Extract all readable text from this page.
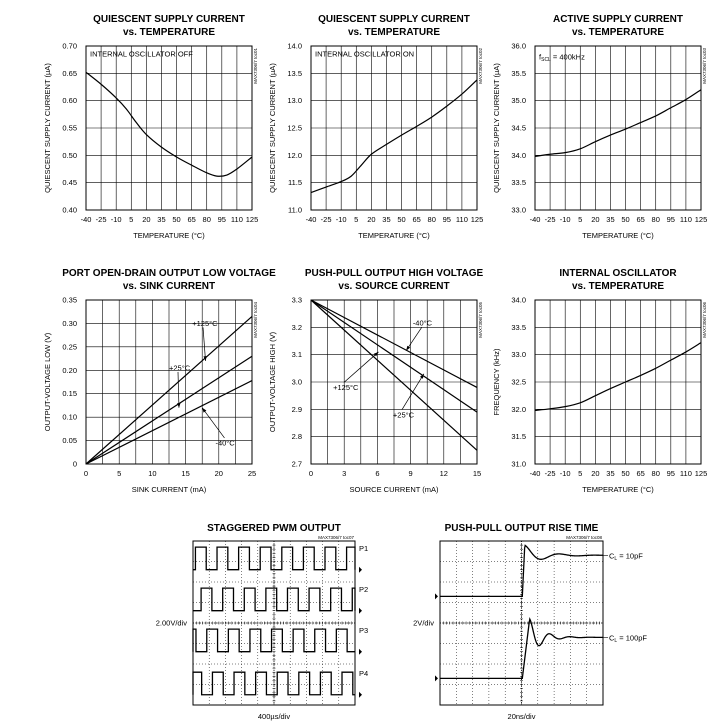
QUIESCENT SUPPLY CURRENT
vs. TEMPERATURE
-40 -25 -10 5 20 35 50 65 80 95 110 125
0.40
0.45
0.50
0.55
0.60
0.65
0.70
TEMPERATURE (°C)
QUIESCENT SUPPLY CURRENT (µA)	MAX7306/7 toc01
INTERNAL OSCILLATOR OFF
QUIESCENT SUPPLY CURRENT
vs. TEMPERATURE
-40 -25 -10 5 20 35 50 65 80 95 110 125
11.0
11.5
12.0
12.5
13.0
13.5
14.0
TEMPERATURE (°C)
QUIESCENT SUPPLY CURRENT (µA)	MAX7306/7 toc02
INTERNAL OSCILLATOR ON
ACTIVE SUPPLY CURRENT
vs. TEMPERATURE
-40 -25 -10 5 20 35 50 65 80 95 110 125
33.0
33.5
34.0
34.5
35.0
35.5
36.0
TEMPERATURE (°C)
QUIESCENT SUPPLY CURRENT (µA)	MAX7306/7 toc03
$f_{SCL} = 400kHz$
PORT OPEN-DRAIN OUTPUT LOW VOLTAGE
vs. SINK CURRENT
0	5	10	15	20	25
0
0.05
0.10
0.15
0.20
0.25
0.30
0.35
SINK CURRENT (mA)
OUTPUT-VOLTAGE LOW (V)
MAX7306/7 toc04
+125°C
+25°C
-40°C
PUSH-PULL OUTPUT HIGH VOLTAGE
vs. SOURCE CURRENT
0	3	6	9	12	15
2.7
2.8
2.9
3.0
3.1
3.2
3.3
SOURCE CURRENT (mA)
OUTPUT-VOLTAGE HIGH (V)
MAX7306/7 toc05
-40°C
+125°C
+25°C
INTERNAL OSCILLATOR
vs. TEMPERATURE
-40 -25 -10 5 20 35 50 65 80 95 110 125
31.0
31.5
32.0
32.5
33.0
33.5
34.0
TEMPERATURE (°C)
FREQUENCY (kHz)
MAX7306/7 toc06
STAGGERED PWM OUTPUT
MAX7306/7 toc07
2.00V/div
400µs/div
P1
P2
P3
P4
PUSH-PULL OUTPUT RISE TIME
MAX7306/7 toc08
2V/div
20ns/div
$C_L = 10pF$
$C_L = 100pF$
